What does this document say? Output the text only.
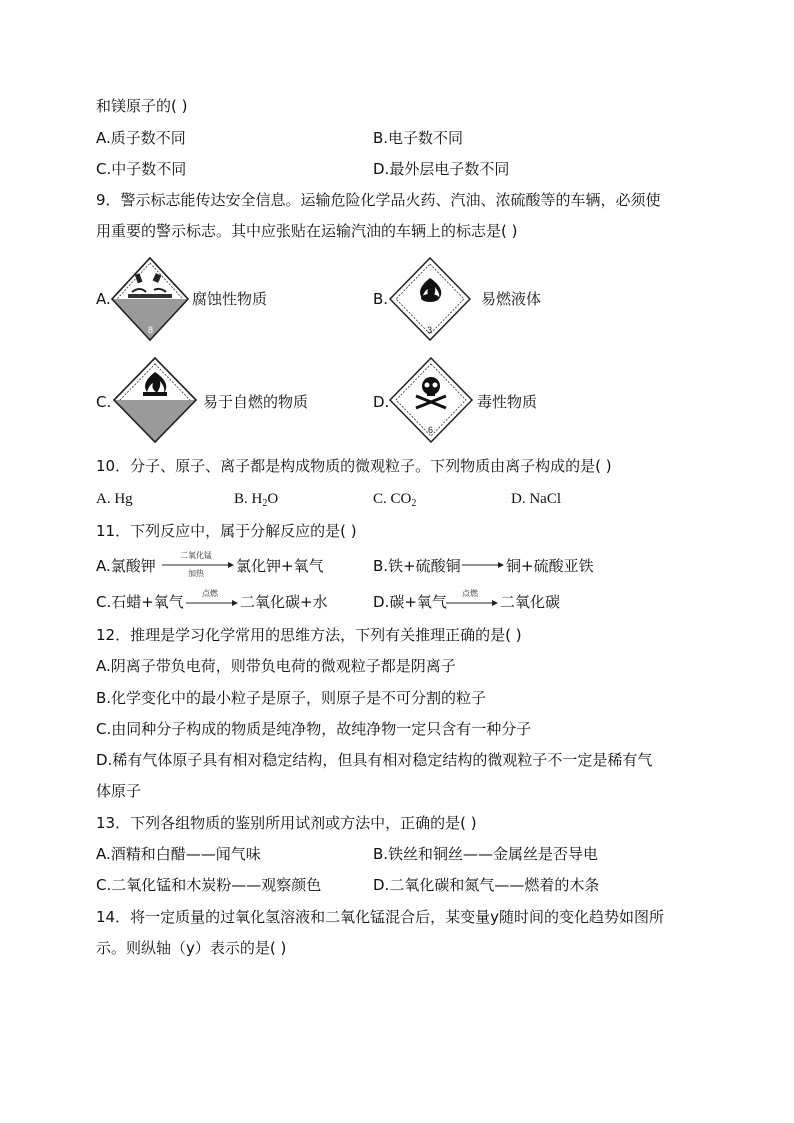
和镁原子的( )
A.质子数不同	B.电子数不同
C.中子数不同	D.最外层电子数不同
9．警示标志能传达安全信息。运输危险化学品火药、汽油、浓硫酸等的车辆，必须使
用重要的警示标志。其中应张贴在运输汽油的车辆上的标志是( )
A.
8
腐蚀性物质	B.
3
易燃液体
C.	易于自燃的物质	D.
6
毒性物质
10．分子、原子、离子都是构成物质的微观粒子。下列物质由离子构成的是( )
A. Hg	B. $H_2O$	C. $CO_2$	D. NaCl
11．下列反应中，属于分解反应的是( )
A.氯酸钾
二氧化锰
加热	氯化钾+氧气	B.铁+硫酸铜	铜+硫酸亚铁
C.石蜡+氧气	点燃	二氧化碳+水	D.碳+氧气	点燃	二氧化碳
12．推理是学习化学常用的思维方法，下列有关推理正确的是( )
A.阴离子带负电荷，则带负电荷的微观粒子都是阴离子
B.化学变化中的最小粒子是原子，则原子是不可分割的粒子
C.由同种分子构成的物质是纯净物，故纯净物一定只含有一种分子
D.稀有气体原子具有相对稳定结构，但具有相对稳定结构的微观粒子不一定是稀有气
体原子
13．下列各组物质的鉴别所用试剂或方法中，正确的是( )
A.酒精和白醋——闻气味	B.铁丝和铜丝——金属丝是否导电
C.二氧化锰和木炭粉——观察颜色	D.二氧化碳和氮气——燃着的木条
14．将一定质量的过氧化氢溶液和二氧化锰混合后，某变量y随时间的变化趋势如图所
示。则纵轴（y）表示的是( )
